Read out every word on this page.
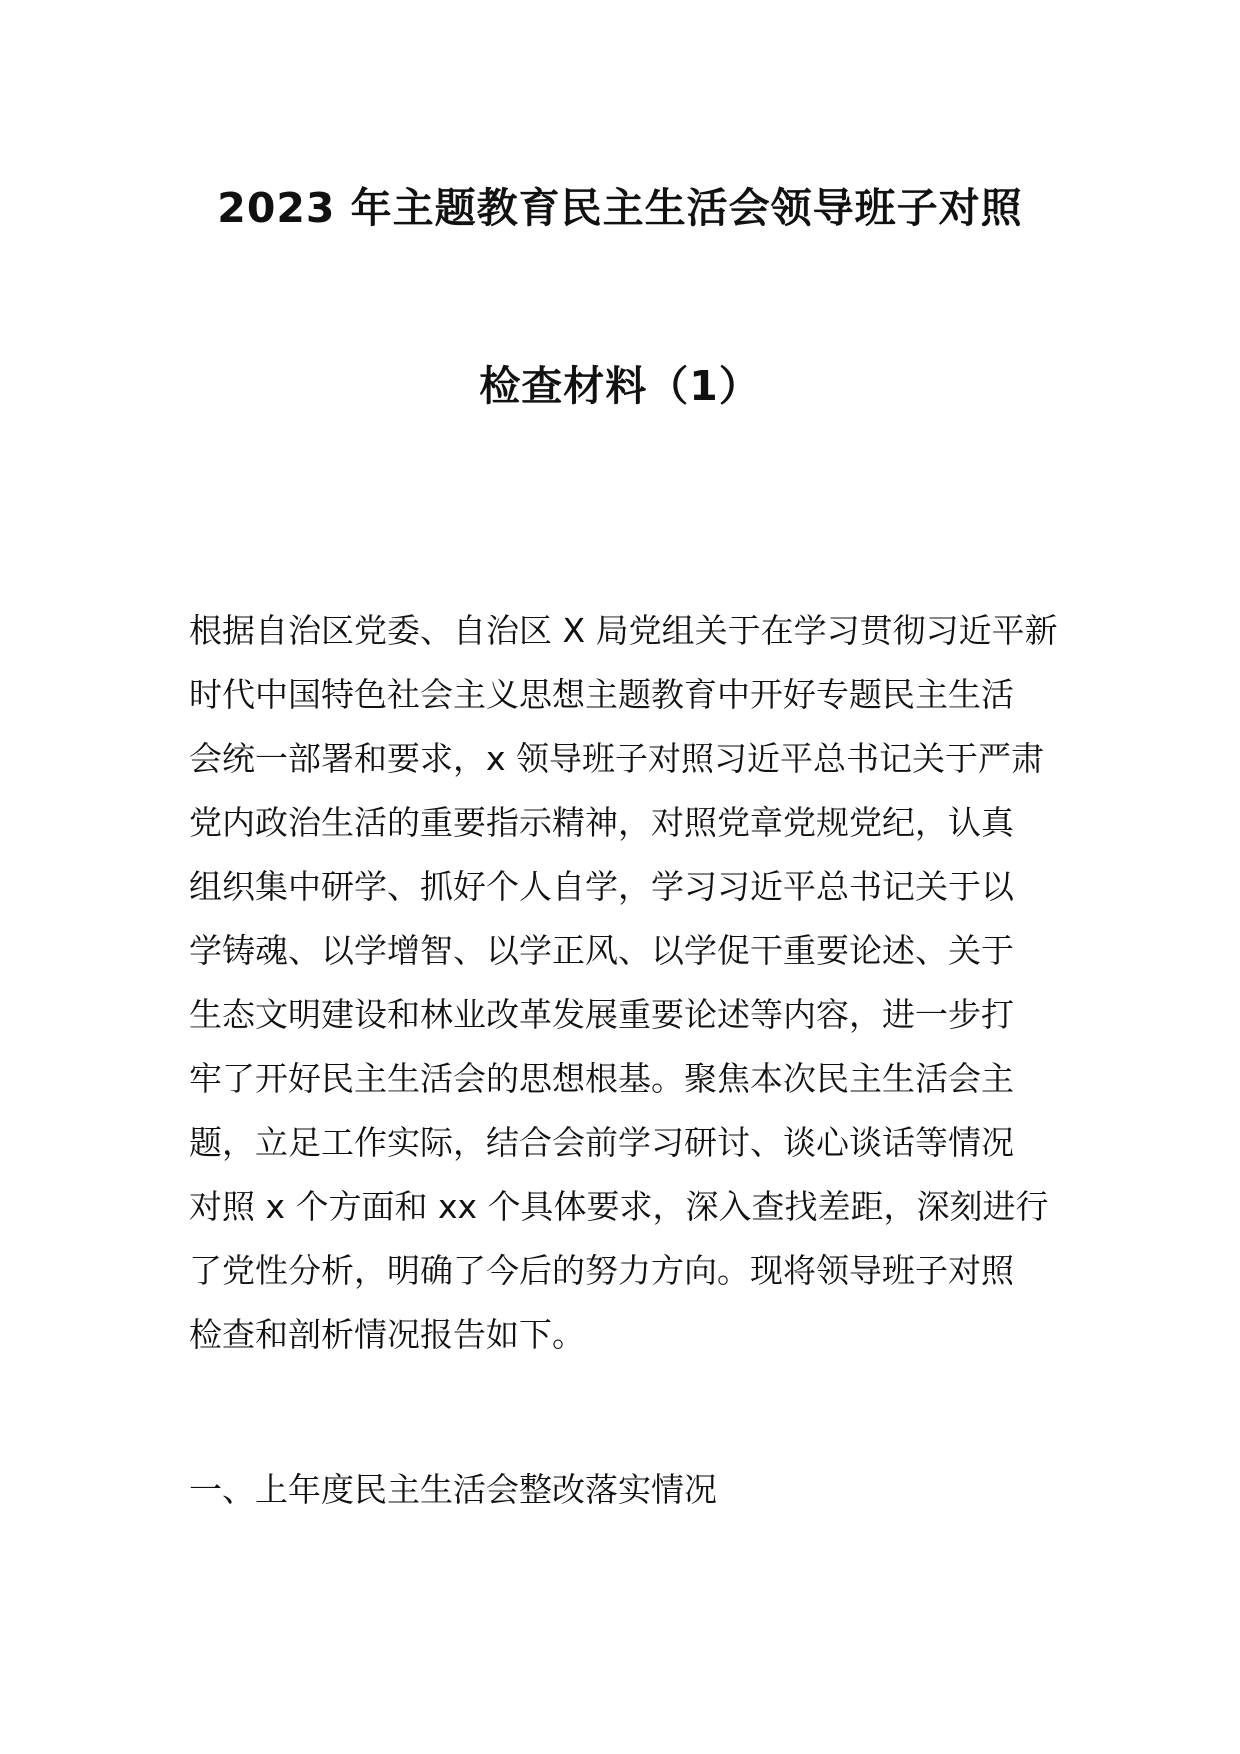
2023 年主题教育民主生活会领导班子对照
检查材料（1）
根据自治区党委、自治区 X 局党组关于在学习贯彻习近平新
时代中国特色社会主义思想主题教育中开好专题民主生活
会统一部署和要求，x 领导班子对照习近平总书记关于严肃
党内政治生活的重要指示精神，对照党章党规党纪，认真
组织集中研学、抓好个人自学，学习习近平总书记关于以
学铸魂、以学增智、以学正风、以学促干重要论述、关于
生态文明建设和林业改革发展重要论述等内容，进一步打
牢了开好民主生活会的思想根基。聚焦本次民主生活会主
题，立足工作实际，结合会前学习研讨、谈心谈话等情况
对照 x 个方面和 xx 个具体要求，深入查找差距，深刻进行
了党性分析，明确了今后的努力方向。现将领导班子对照
检查和剖析情况报告如下。
一、上年度民主生活会整改落实情况
